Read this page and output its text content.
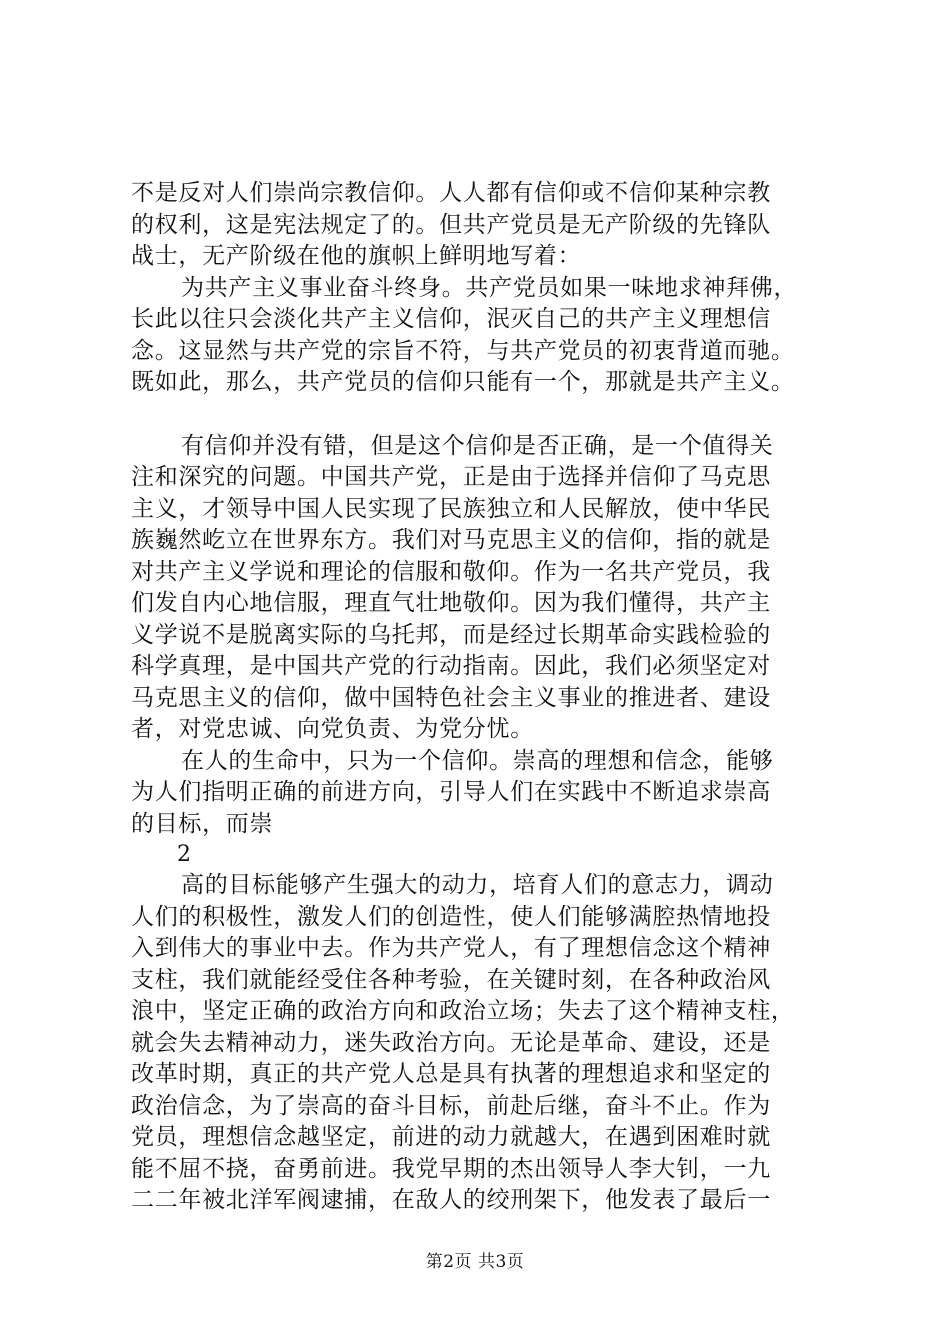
不是反对人们崇尚宗教信仰。人人都有信仰或不信仰某种宗教
的权利，这是宪法规定了的。但共产党员是无产阶级的先锋队
战士，无产阶级在他的旗帜上鲜明地写着：
为共产主义事业奋斗终身。共产党员如果一味地求神拜佛，
长此以往只会淡化共产主义信仰，泯灭自己的共产主义理想信
念。这显然与共产党的宗旨不符，与共产党员的初衷背道而驰。
既如此，那么，共产党员的信仰只能有一个，那就是共产主义。
有信仰并没有错，但是这个信仰是否正确，是一个值得关
注和深究的问题。中国共产党，正是由于选择并信仰了马克思
主义，才领导中国人民实现了民族独立和人民解放，使中华民
族巍然屹立在世界东方。我们对马克思主义的信仰，指的就是
对共产主义学说和理论的信服和敬仰。作为一名共产党员，我
们发自内心地信服，理直气壮地敬仰。因为我们懂得，共产主
义学说不是脱离实际的乌托邦，而是经过长期革命实践检验的
科学真理，是中国共产党的行动指南。因此，我们必须坚定对
马克思主义的信仰，做中国特色社会主义事业的推进者、建设
者，对党忠诚、向党负责、为党分忧。
在人的生命中，只为一个信仰。崇高的理想和信念，能够
为人们指明正确的前进方向，引导人们在实践中不断追求崇高
的目标，而崇
2
高的目标能够产生强大的动力，培育人们的意志力，调动
人们的积极性，激发人们的创造性，使人们能够满腔热情地投
入到伟大的事业中去。作为共产党人，有了理想信念这个精神
支柱，我们就能经受住各种考验，在关键时刻，在各种政治风
浪中，坚定正确的政治方向和政治立场；失去了这个精神支柱，
就会失去精神动力，迷失政治方向。无论是革命、建设，还是
改革时期，真正的共产党人总是具有执著的理想追求和坚定的
政治信念，为了崇高的奋斗目标，前赴后继，奋斗不止。作为
党员，理想信念越坚定，前进的动力就越大，在遇到困难时就
能不屈不挠，奋勇前进。我党早期的杰出领导人李大钊，一九
二二年被北洋军阀逮捕，在敌人的绞刑架下，他发表了最后一
第2页 共3页
